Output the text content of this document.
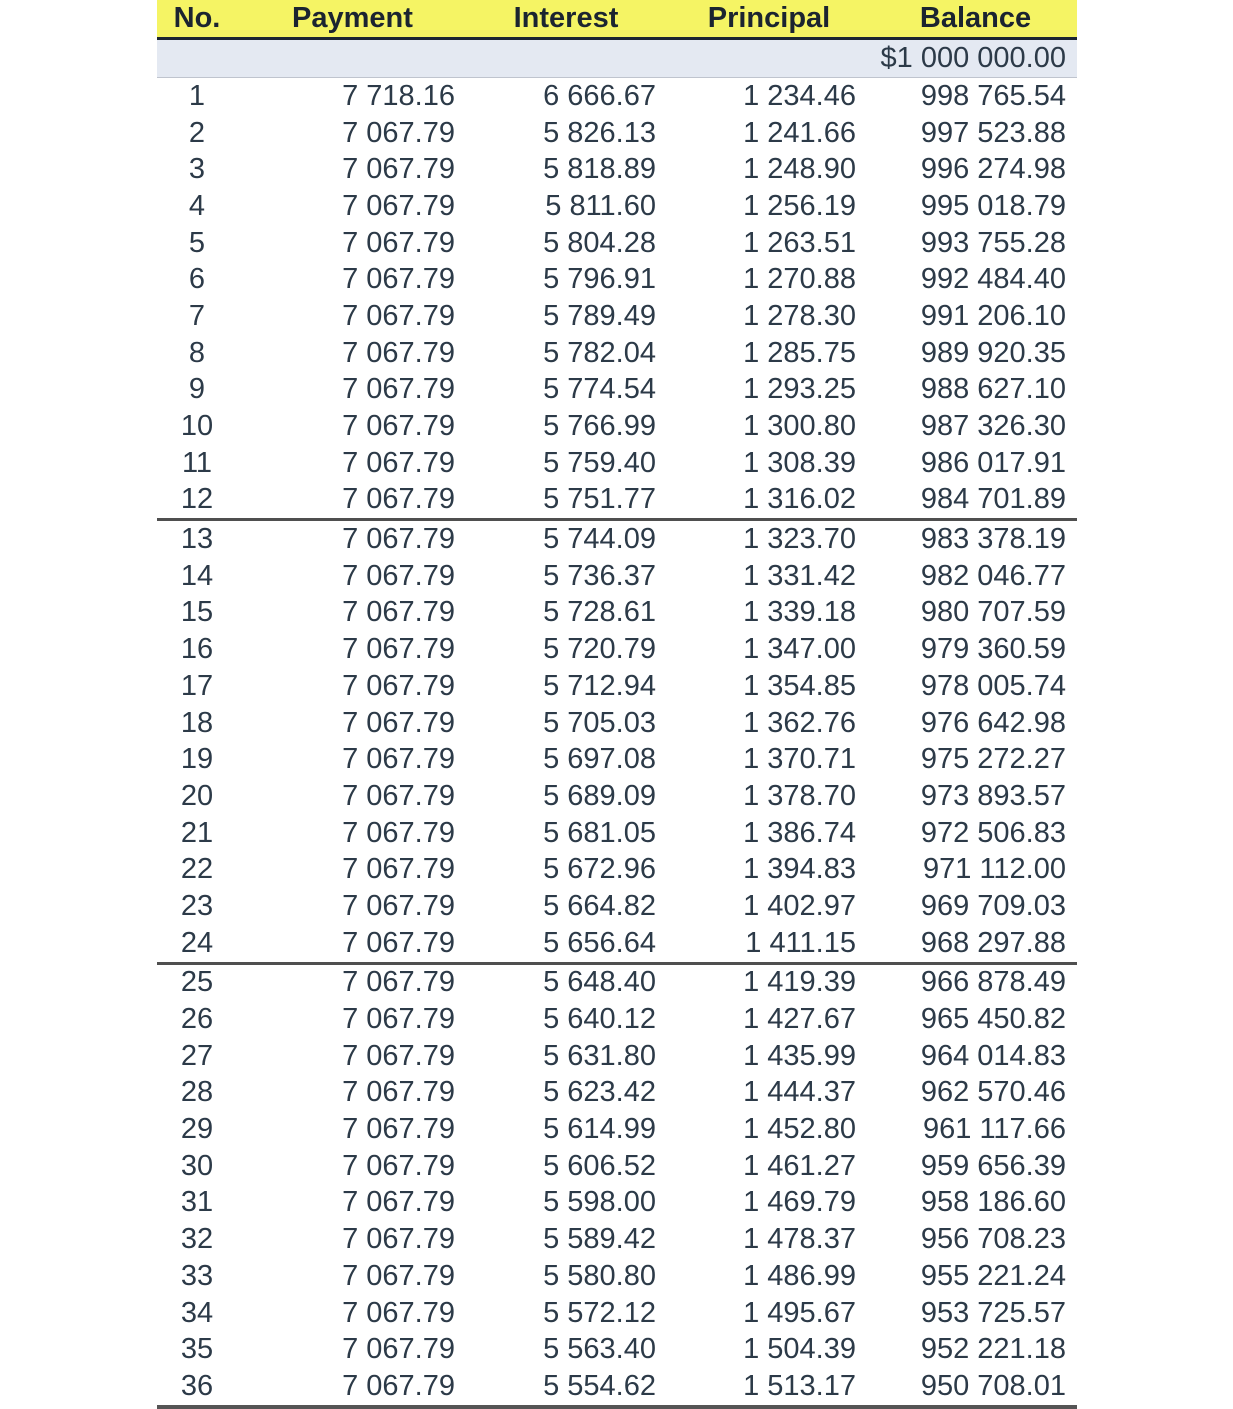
No.	Payment	Interest	Principal	Balance
				$1 000 000.00
1	7 718.16	6 666.67	1 234.46	998 765.54
2	7 067.79	5 826.13	1 241.66	997 523.88
3	7 067.79	5 818.89	1 248.90	996 274.98
4	7 067.79	5 811.60	1 256.19	995 018.79
5	7 067.79	5 804.28	1 263.51	993 755.28
6	7 067.79	5 796.91	1 270.88	992 484.40
7	7 067.79	5 789.49	1 278.30	991 206.10
8	7 067.79	5 782.04	1 285.75	989 920.35
9	7 067.79	5 774.54	1 293.25	988 627.10
10	7 067.79	5 766.99	1 300.80	987 326.30
11	7 067.79	5 759.40	1 308.39	986 017.91
12	7 067.79	5 751.77	1 316.02	984 701.89
13	7 067.79	5 744.09	1 323.70	983 378.19
14	7 067.79	5 736.37	1 331.42	982 046.77
15	7 067.79	5 728.61	1 339.18	980 707.59
16	7 067.79	5 720.79	1 347.00	979 360.59
17	7 067.79	5 712.94	1 354.85	978 005.74
18	7 067.79	5 705.03	1 362.76	976 642.98
19	7 067.79	5 697.08	1 370.71	975 272.27
20	7 067.79	5 689.09	1 378.70	973 893.57
21	7 067.79	5 681.05	1 386.74	972 506.83
22	7 067.79	5 672.96	1 394.83	971 112.00
23	7 067.79	5 664.82	1 402.97	969 709.03
24	7 067.79	5 656.64	1 411.15	968 297.88
25	7 067.79	5 648.40	1 419.39	966 878.49
26	7 067.79	5 640.12	1 427.67	965 450.82
27	7 067.79	5 631.80	1 435.99	964 014.83
28	7 067.79	5 623.42	1 444.37	962 570.46
29	7 067.79	5 614.99	1 452.80	961 117.66
30	7 067.79	5 606.52	1 461.27	959 656.39
31	7 067.79	5 598.00	1 469.79	958 186.60
32	7 067.79	5 589.42	1 478.37	956 708.23
33	7 067.79	5 580.80	1 486.99	955 221.24
34	7 067.79	5 572.12	1 495.67	953 725.57
35	7 067.79	5 563.40	1 504.39	952 221.18
36	7 067.79	5 554.62	1 513.17	950 708.01
